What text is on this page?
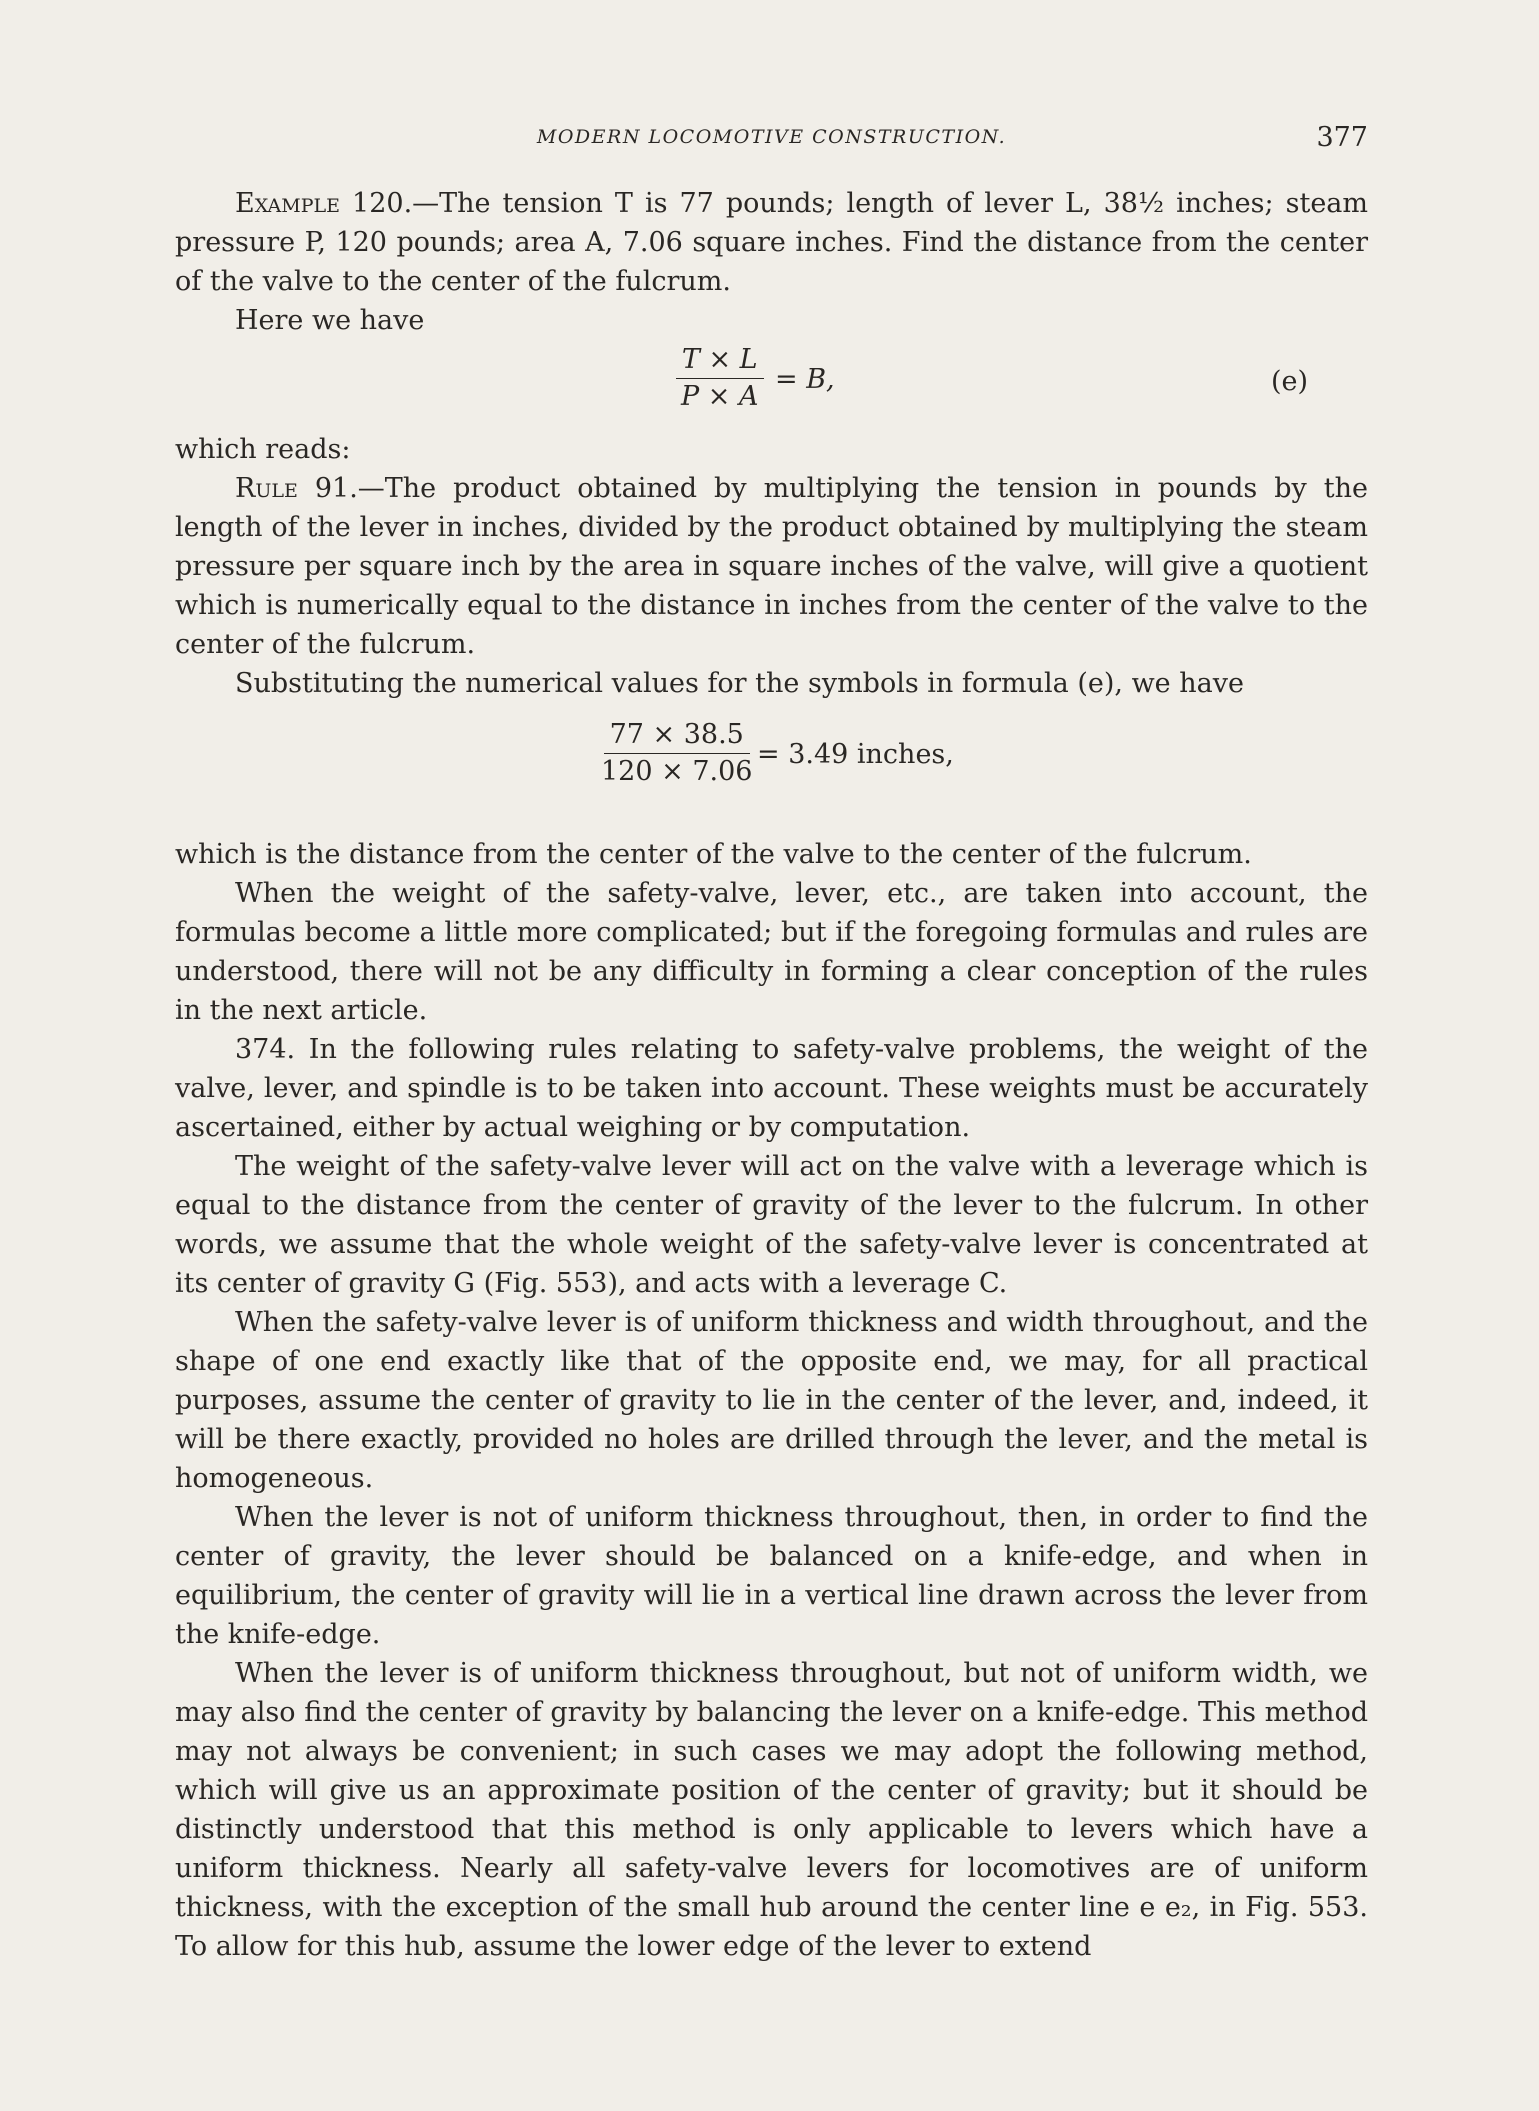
MODERN LOCOMOTIVE CONSTRUCTION.	377

Example 120.—The tension T is 77 pounds; length of lever L, 38½ inches; steam pressure P, 120 pounds; area A, 7.06 square inches. Find the distance from the center of the valve to the center of the fulcrum.

Here we have

$\frac{T \times L}{P \times A} = B$,	(e)

which reads:

Rule 91.—The product obtained by multiplying the tension in pounds by the length of the lever in inches, divided by the product obtained by multiplying the steam pressure per square inch by the area in square inches of the valve, will give a quotient which is numerically equal to the distance in inches from the center of the valve to the center of the fulcrum.

Substituting the numerical values for the symbols in formula (e), we have

$\frac{77 \times 38.5}{120 \times 7.06}$
= 3.49 inches,

which is the distance from the center of the valve to the center of the fulcrum.

When the weight of the safety-valve, lever, etc., are taken into account, the formulas become a little more complicated; but if the foregoing formulas and rules are understood, there will not be any difficulty in forming a clear conception of the rules in the next article.

374. In the following rules relating to safety-valve problems, the weight of the valve, lever, and spindle is to be taken into account. These weights must be accurately ascertained, either by actual weighing or by computation.

The weight of the safety-valve lever will act on the valve with a leverage which is equal to the distance from the center of gravity of the lever to the fulcrum. In other words, we assume that the whole weight of the safety-valve lever is concentrated at its center of gravity G (Fig. 553), and acts with a leverage C.

When the safety-valve lever is of uniform thickness and width throughout, and the shape of one end exactly like that of the opposite end, we may, for all practical purposes, assume the center of gravity to lie in the center of the lever, and, indeed, it will be there exactly, provided no holes are drilled through the lever, and the metal is homogeneous.

When the lever is not of uniform thickness throughout, then, in order to find the center of gravity, the lever should be balanced on a knife-edge, and when in equilibrium, the center of gravity will lie in a vertical line drawn across the lever from the knife-edge.

When the lever is of uniform thickness throughout, but not of uniform width, we may also find the center of gravity by balancing the lever on a knife-edge. This method may not always be convenient; in such cases we may adopt the following method, which will give us an approximate position of the center of gravity; but it should be distinctly understood that this method is only applicable to levers which have a uniform thickness. Nearly all safety-valve levers for locomotives are of uniform thickness, with the exception of the small hub around the center line e e₂, in Fig. 553. To allow for this hub, assume the lower edge of the lever to extend
